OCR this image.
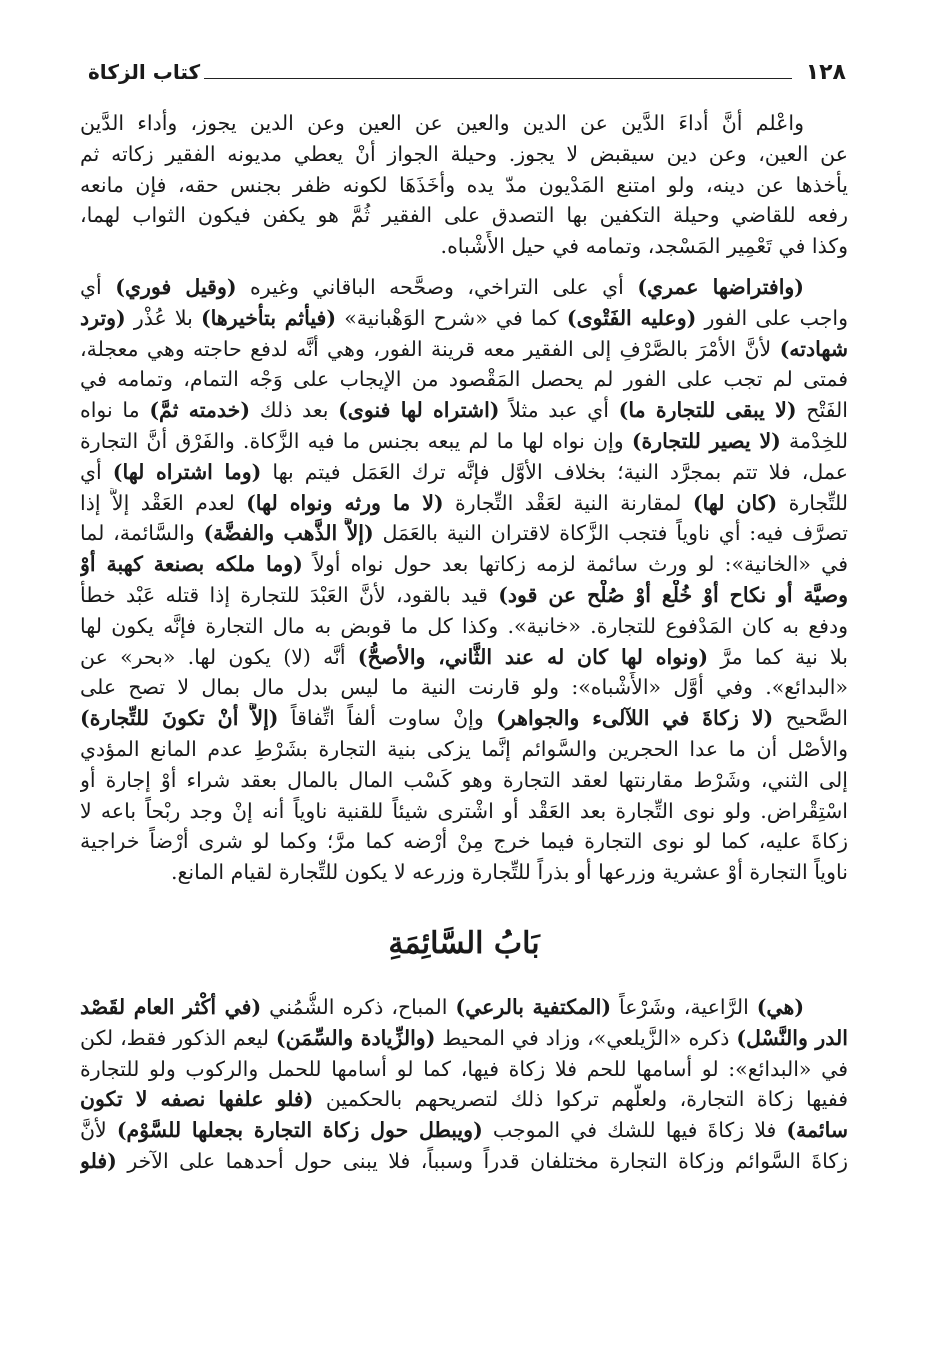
١٢٨
كتاب الزكاة
واعْلم أنَّ أداءَ الدَّين عن الدين والعين عن العين وعن الدين يجوز، وأداء الدَّين
عن العين، وعن دين سيقبض لا يجوز. وحيلة الجواز أنْ يعطي مديونه الفقير زكاته ثم
يأخذها عن دينه، ولو امتنع المَدْيون مدّ يده وأخَذَهَا لكونه ظفر بجنس حقه، فإن مانعه
رفعه للقاضي وحيلة التكفين بها التصدق على الفقير ثُمَّ هو يكفن فيكون الثواب لهما،
وكذا في تَعْمِير المَسْجد، وتمامه في حيل الأَشْباه.
(وافتراضها عمري) أي على التراخي، وصحَّحه الباقاني وغيره (وقيل فوري) أي
واجب على الفور (وعليه الفَتْوى) كما في «شرح الوَهْبانية» (فيأثم بتأخيرها) بلا عُذْر (وترد
شهادته) لأنَّ الأمْرَ بالصَّرْفِ إلى الفقير معه قرينة الفور، وهي أنَّه لدفع حاجته وهي معجلة،
فمتى لم تجب على الفور لم يحصل المَقْصود من الإيجاب على وَجْه التمام، وتمامه في
الفَتْح (لا يبقى للتجارة ما) أي عبد مثلاً (اشتراه لها فنوى) بعد ذلك (خدمته ثمَّ) ما نواه
للخِدْمة (لا يصير للتجارة) وإن نواه لها ما لم يبعه بجنس ما فيه الزَّكاة. والفَرْق أنَّ التجارة
عمل، فلا تتم بمجرَّد النية؛ بخلاف الأوَّل فإنَّه ترك العَمَل فيتم بها (وما اشتراه لها) أي
للتِّجارة (كان لها) لمقارنة النية لعَقْد التِّجارة (لا ما ورثه ونواه لها) لعدم العَقْد إلاَّ إذا
تصرَّف فيه: أي ناوياً فتجب الزَّكاة لاقتران النية بالعَمَل (إلاَّ الذَّهب والفضَّة) والسَّائمة، لما
في «الخانية»: لو ورث سائمة لزمه زكاتها بعد حول نواه أولاً (وما ملكه بصنعة كهبة أوْ
وصيَّة أو نكاح أوْ خُلْع أوْ صُلْح عن قود) قيد بالقود، لأنَّ العَبْدَ للتجارة إذا قتله عَبْد خطأً
ودفع به كان المَدْفوع للتجارة. «خانية». وكذا كل ما قوبض به مال التجارة فإنَّه يكون لها
بلا نية كما مرَّ (ونواه لها كان له عند الثَّاني، والأصحُّ) أنَّه (لا) يكون لها. «بحر» عن
«البدائع». وفي أوَّل «الأَشْباه»: ولو قارنت النية ما ليس بدل مال بمال لا تصح على
الصَّحيح (لا زكاةَ في اللآلىء والجواهر) وإنْ ساوت ألفاً اتِّفاقاً (إلاَّ أنْ تكونَ للتِّجارة)
والأصْل أن ما عدا الحجرين والسَّوائم إنَّما يزكى بنية التجارة بشَرْطِ عدم المانع المؤدي
إلى الثني، وشَرْط مقارنتها لعقد التجارة وهو كَسْب المال بالمال بعقد شراء أوْ إجارة أو
اسْتِقْراض. ولو نوى التِّجارة بعد العَقْد أو اشْترى شيئاً للقنية ناوياً أنه إنْ وجد ربْحاً باعه لا
زكاةَ عليه، كما لو نوى التجارة فيما خرج مِنْ أرْضه كما مرَّ؛ وكما لو شرى أرْضاً خراجية
ناوياً التجارة أوْ عشرية وزرعها أو بذراً للتِّجارة وزرعه لا يكون للتِّجارة لقيام المانع.
بَابُ السَّائِمَةِ
(هي) الرَّاعية، وشَرْعاً (المكتفية بالرعي) المباح، ذكره الشُّمُني (في أكْثر العام لقَصْد
الدر والنَّسْل) ذكره «الزَّيلعي»، وزاد في المحيط (والزِّيادة والسِّمَن) ليعم الذكور فقط، لكن
في «البدائع»: لو أسامها للحم فلا زكاة فيها، كما لو أسامها للحمل والركوب ولو للتجارة
ففيها زكاة التجارة، ولعلَّهم تركوا ذلك لتصريحهم بالحكمين (فلو علفها نصفه لا تكون
سائمة) فلا زكاةَ فيها للشك في الموجب (ويبطل حول زكاة التجارة بجعلها للسَّوْم) لأنَّ
زكاةَ السَّوائم وزكاة التجارة مختلفان قدراً وسبباً، فلا يبنى حول أحدهما على الآخر (فلو
